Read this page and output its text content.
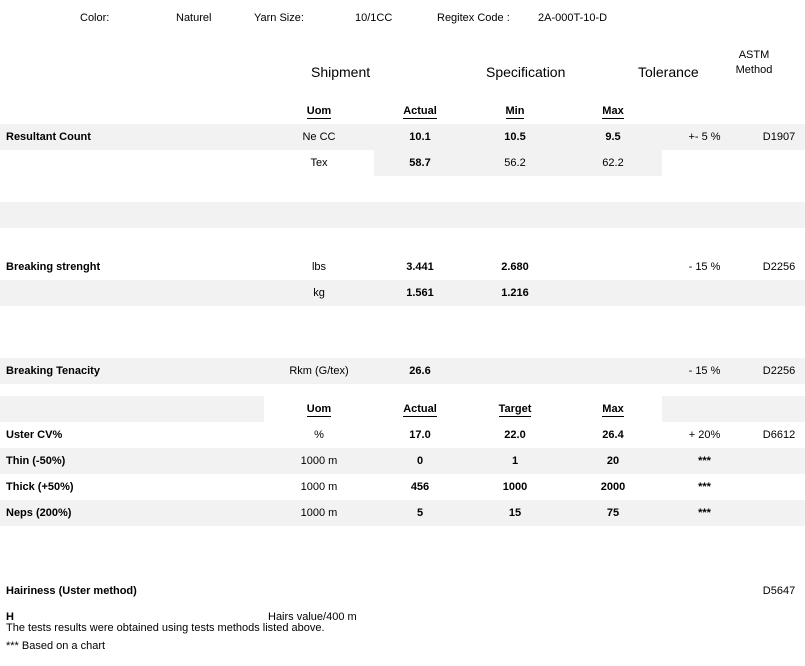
Color:	Naturel	Yarn Size:	10/1CC	Regitex Code :	2A-000T-10-D
Shipment	Specification	Tolerance
ASTM
Method
	Uom	Actual	Min	Max		
Resultant Count	Ne CC	10.1	10.5	9.5	+- 5 %	D1907
	Tex	58.7	56.2	62.2		

Breaking strenght	lbs	3.441	2.680		- 15 %	D2256
	kg	1.561	1.216			

Breaking Tenacity	Rkm (G/tex)	26.6			- 15 %	D2256

	Uom	Actual	Target	Max		
Uster CV%	%	17.0	22.0	26.4	+ 20%	D6612
Thin (-50%)	1000 m	0	1	20	***	
Thick (+50%)	1000 m	456	1000	2000	***	
Neps (200%)	1000 m	5	15	75	***	

Hairiness (Uster method)						D5647
H	Hairs value/400 m					
The tests results were obtained using tests methods listed above.
*** Based on a chart
